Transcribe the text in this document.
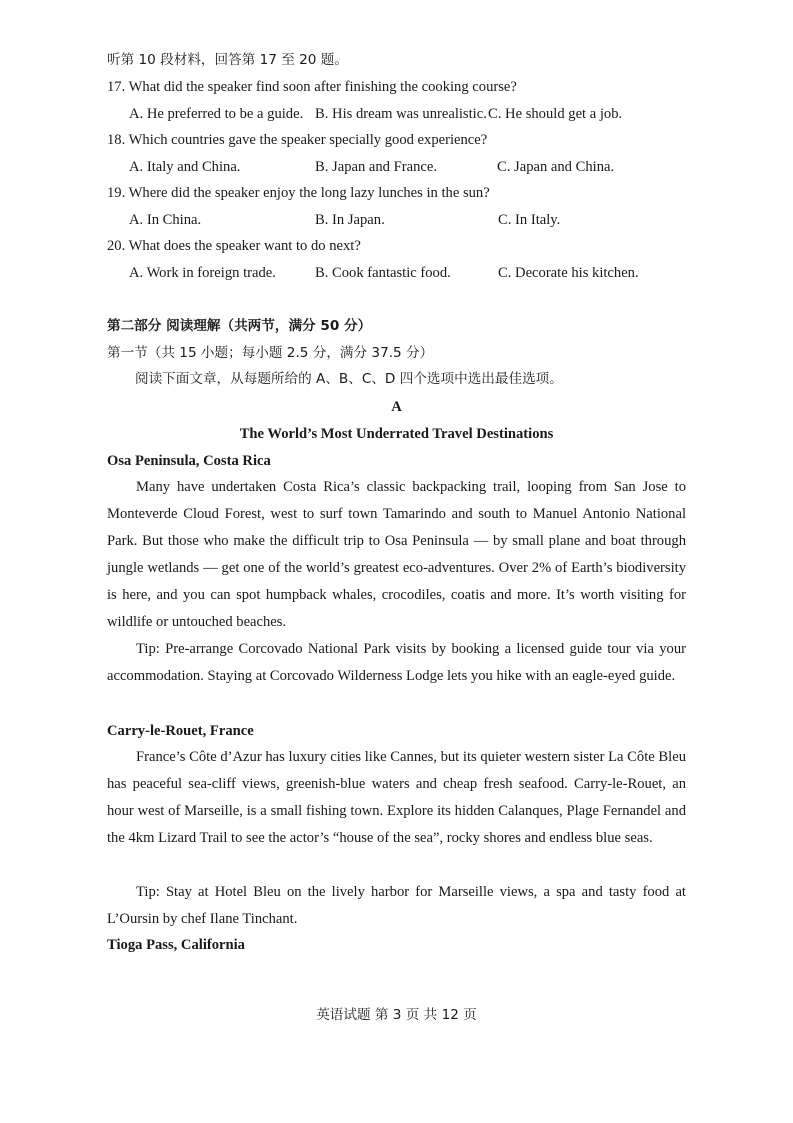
听第 10 段材料，回答第 17 至 20 题。
17. What did the speaker find soon after finishing the cooking course?
A. He preferred to be a guide. B. His dream was unrealistic. C. He should get a job.
18. Which countries gave the speaker specially good experience?
A. Italy and China.	B. Japan and France.	C. Japan and China.
19. Where did the speaker enjoy the long lazy lunches in the sun?
A. In China.	B. In Japan.	C. In Italy.
20. What does the speaker want to do next?
A. Work in foreign trade.	B. Cook fantastic food.	C. Decorate his kitchen.
第二部分 阅读理解（共两节，满分 50 分）
第一节（共 15 小题；每小题 2.5 分，满分 37.5 分）
阅读下面文章，从每题所给的 A、B、C、D 四个选项中选出最佳选项。
A
The World’s Most Underrated Travel Destinations
Osa Peninsula, Costa Rica

Many have undertaken Costa Rica’s classic backpacking trail, looping from San Jose to Monteverde Cloud Forest, west to surf town Tamarindo and south to Manuel Antonio National Park. But those who make the difficult trip to Osa Peninsula — by small plane and boat through jungle wetlands — get one of the world’s greatest eco-adventures. Over 2% of Earth’s biodiversity is here, and you can spot humpback whales, crocodiles, coatis and more. It’s worth visiting for wildlife or untouched beaches.

Tip: Pre-arrange Corcovado National Park visits by booking a licensed guide tour via your accommodation. Staying at Corcovado Wilderness Lodge lets you hike with an eagle-eyed guide.

Carry-le-Rouet, France

France’s Côte d’Azur has luxury cities like Cannes, but its quieter western sister La Côte Bleu has peaceful sea-cliff views, greenish-blue waters and cheap fresh seafood. Carry-le-Rouet, an hour west of Marseille, is a small fishing town. Explore its hidden Calanques, Plage Fernandel and the 4km Lizard Trail to see the actor’s “house of the sea”, rocky shores and endless blue seas.

Tip: Stay at Hotel Bleu on the lively harbor for Marseille views, a spa and tasty food at L’Oursin by chef Ilane Tinchant.

Tioga Pass, California
英语试题 第 3 页 共 12 页
